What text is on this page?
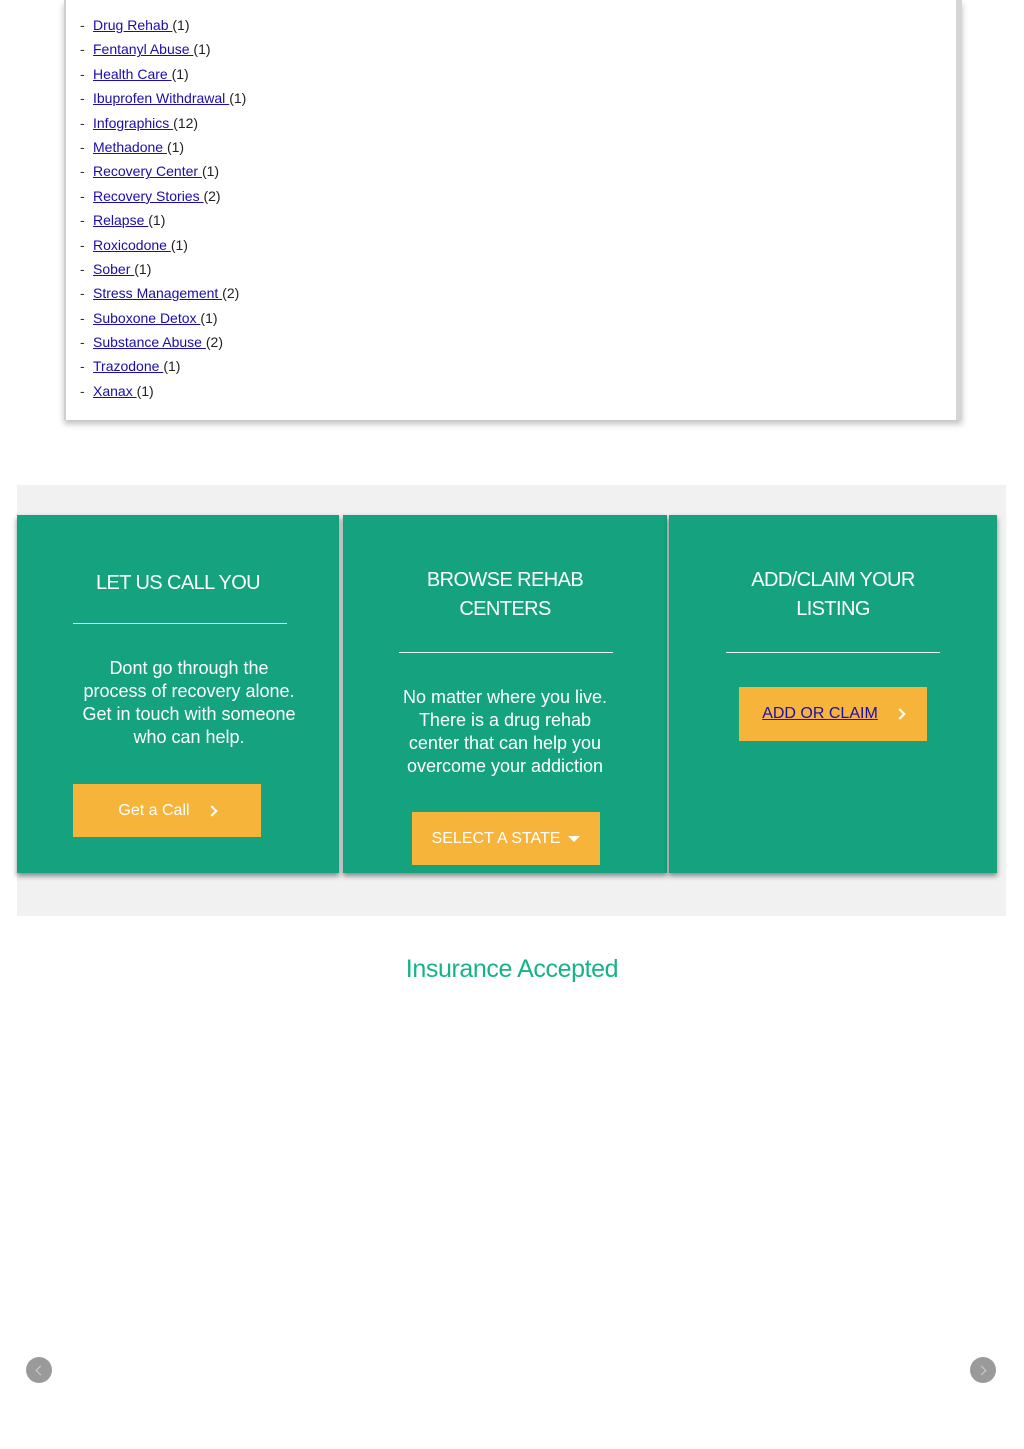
- Drug Rehab (1)
- Fentanyl Abuse (1)
- Health Care (1)
- Ibuprofen Withdrawal (1)
- Infographics (12)
- Methadone (1)
- Recovery Center (1)
- Recovery Stories (2)
- Relapse (1)
- Roxicodone (1)
- Sober (1)
- Stress Management (2)
- Suboxone Detox (1)
- Substance Abuse (2)
- Trazodone (1)
- Xanax (1)
LET US CALL YOU
Dont go through the process of recovery alone. Get in touch with someone who can help.
Get a Call
BROWSE REHAB
CENTERS
No matter where you live. There is a drug rehab center that can help you overcome your addiction
SELECT A STATE
ADD/CLAIM YOUR
LISTING
ADD OR CLAIM
Insurance Accepted
